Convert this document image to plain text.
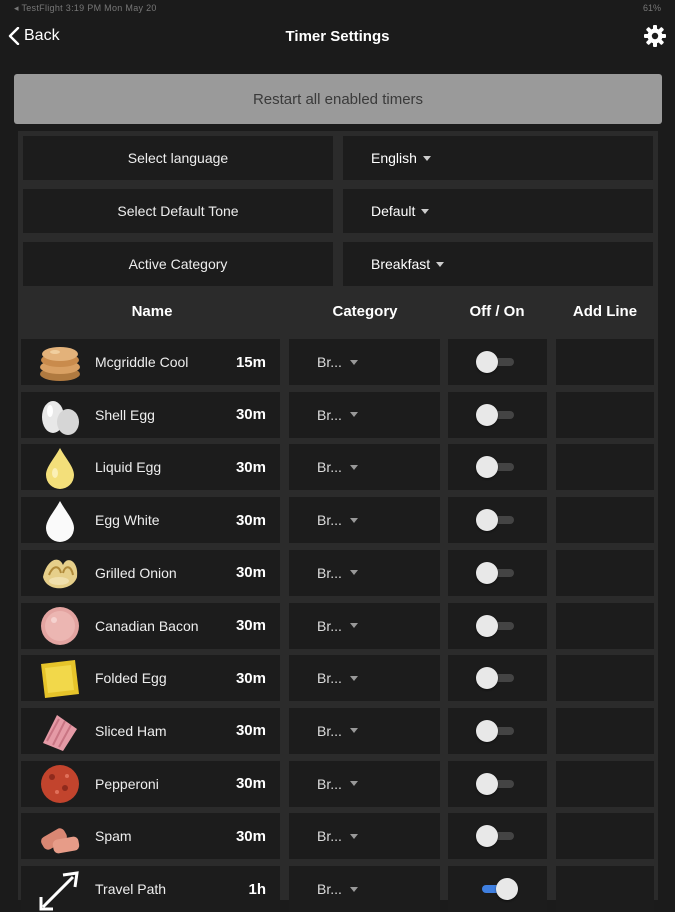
◂ TestFlight 3:19 PM Mon May 20	61%
Back	Timer Settings
Restart all enabled timers
Select language	English
Select Default Tone	Default
Active Category	Breakfast
Name	Category	Off / On	Add Line
Mcgriddle Cool	15m	Br...
Shell Egg	30m	Br...
Liquid Egg	30m	Br...
Egg White	30m	Br...
Grilled Onion	30m	Br...
Canadian Bacon	30m	Br...
Folded Egg	30m	Br...
Sliced Ham	30m	Br...
Pepperoni	30m	Br...
Spam	30m	Br...
Travel Path	1h	Br...
